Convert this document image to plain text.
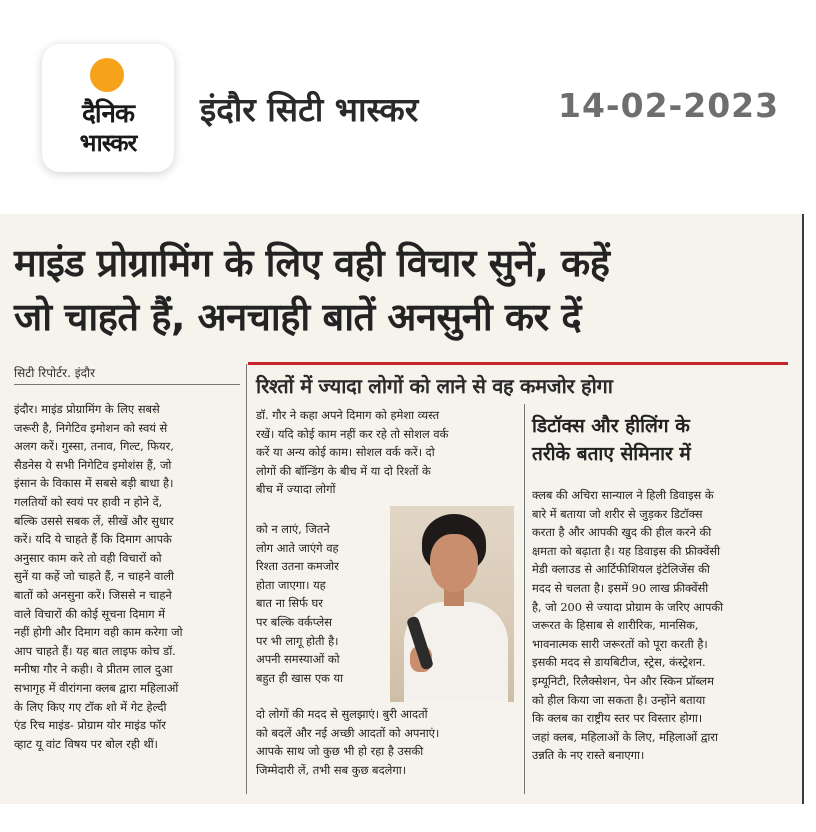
दैनिक
भास्कर
इंदौर सिटी भास्कर	14-02-2023
माइंड प्रोग्रामिंग के लिए वही विचार सुनें, कहें
जो चाहते हैं, अनचाही बातें अनसुनी कर दें
सिटी रिपोर्टर. इंदौर
रिश्तों में ज्यादा लोगों को लाने से वह कमजोर होगा

इंदौर। माइंड प्रोग्रामिंग के लिए सबसे

जरूरी है, निगेटिव इमोशन को स्वयं से

अलग करें। गुस्सा, तनाव, गिल्ट, फियर,

सैडनेस ये सभी निगेटिव इमोशंस हैं, जो

इंसान के विकास में सबसे बड़ी बाधा है।

गलतियों को स्वयं पर हावी न होने दें,

बल्कि उससे सबक लें, सीखें और सुधार

करें। यदि ये चाहते हैं कि दिमाग आपके

अनुसार काम करे तो वही विचारों को

सुनें या कहें जो चाहते हैं, न चाहने वाली

बातों को अनसुना करें। जिससे न चाहने

वाले विचारों की कोई सूचना दिमाग में

नहीं होगी और दिमाग वही काम करेगा जो

आप चाहते हैं। यह बात लाइफ कोच डॉ.

मनीषा गौर ने कही। वे प्रीतम लाल दुआ

सभागृह में वीरांगना क्लब द्वारा महिलाओं

के लिए किए गए टॉक शो में गेट हेल्दी

एंड रिच माइंड- प्रोग्राम योर माइंड फॉर

व्हाट यू वांट विषय पर बोल रही थीं।

डॉ. गौर ने कहा अपने दिमाग को हमेशा व्यस्त

रखें। यदि कोई काम नहीं कर रहे तो सोशल वर्क

करें या अन्य कोई काम। सोशल वर्क करें। दो

लोगों की बॉन्डिंग के बीच में या दो रिश्तों के

बीच में ज्यादा लोगों

को न लाएं, जितने

लोग आते जाएंगे वह

रिश्ता उतना कमजोर

होता जाएगा। यह

बात ना सिर्फ घर

पर बल्कि वर्कप्लेस

पर भी लागू होती है।

अपनी समस्याओं को

बहुत ही खास एक या

दो लोगों की मदद से सुलझाएं। बुरी आदतों

को बदलें और नई अच्छी आदतों को अपनाएं।

आपके साथ जो कुछ भी हो रहा है उसकी

जिम्मेदारी लें, तभी सब कुछ बदलेगा।

डिटॉक्स और हीलिंग के
तरीके बताए सेमिनार में

क्लब की अचिरा सान्याल ने हिली डिवाइस के

बारे में बताया जो शरीर से जुड़कर डिटॉक्स

करता है और आपकी खुद की हील करने की

क्षमता को बढ़ाता है। यह डिवाइस की फ्रीक्वेंसी

मेडी क्लाउड से आर्टिफीशियल इंटेलिजेंस की

मदद से चलता है। इसमें 90 लाख फ्रीक्वेंसी

है, जो 200 से ज्यादा प्रोग्राम के जरिए आपकी

जरूरत के हिसाब से शारीरिक, मानसिक,

भावनात्मक सारी जरूरतों को पूरा करती है।

इसकी मदद से डायबिटीज, स्ट्रेस, कंस्ट्रेशन.

इम्यूनिटी, रिलैक्सेशन, पेन और स्किन प्रॉब्लम

को हील किया जा सकता है। उन्होंने बताया

कि क्लब का राष्ट्रीय स्तर पर विस्तार होगा।

जहां क्लब, महिलाओं के लिए, महिलाओं द्वारा

उन्नति के नए रास्ते बनाएगा।
